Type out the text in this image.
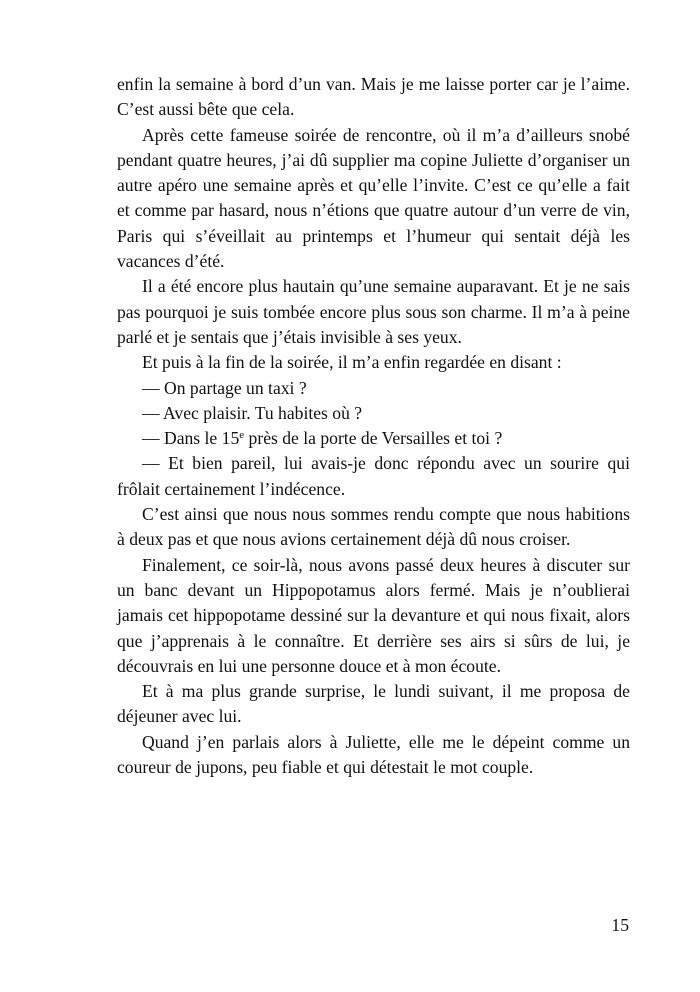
enfin la semaine à bord d’un van. Mais je me laisse porter car je l’aime. C’est aussi bête que cela.

Après cette fameuse soirée de rencontre, où il m’a d’ailleurs snobé pendant quatre heures, j’ai dû supplier ma copine Juliette d’organiser un autre apéro une semaine après et qu’elle l’invite. C’est ce qu’elle a fait et comme par hasard, nous n’étions que quatre autour d’un verre de vin, Paris qui s’éveillait au printemps et l’humeur qui sentait déjà les vacances d’été.

Il a été encore plus hautain qu’une semaine auparavant. Et je ne sais pas pourquoi je suis tombée encore plus sous son charme. Il m’a à peine parlé et je sentais que j’étais invisible à ses yeux.

Et puis à la fin de la soirée, il m’a enfin regardée en disant :

— On partage un taxi ?

— Avec plaisir. Tu habites où ?

— Dans le 15e près de la porte de Versailles et toi ?

— Et bien pareil, lui avais-je donc répondu avec un sourire qui frôlait certainement l’indécence.

C’est ainsi que nous nous sommes rendu compte que nous habitions à deux pas et que nous avions certainement déjà dû nous croiser.

Finalement, ce soir-là, nous avons passé deux heures à discuter sur un banc devant un Hippopotamus alors fermé. Mais je n’oublierai jamais cet hippopotame dessiné sur la devanture et qui nous fixait, alors que j’apprenais à le connaître. Et derrière ses airs si sûrs de lui, je découvrais en lui une personne douce et à mon écoute.

Et à ma plus grande surprise, le lundi suivant, il me proposa de déjeuner avec lui.

Quand j’en parlais alors à Juliette, elle me le dépeint comme un coureur de jupons, peu fiable et qui détestait le mot couple.

15
